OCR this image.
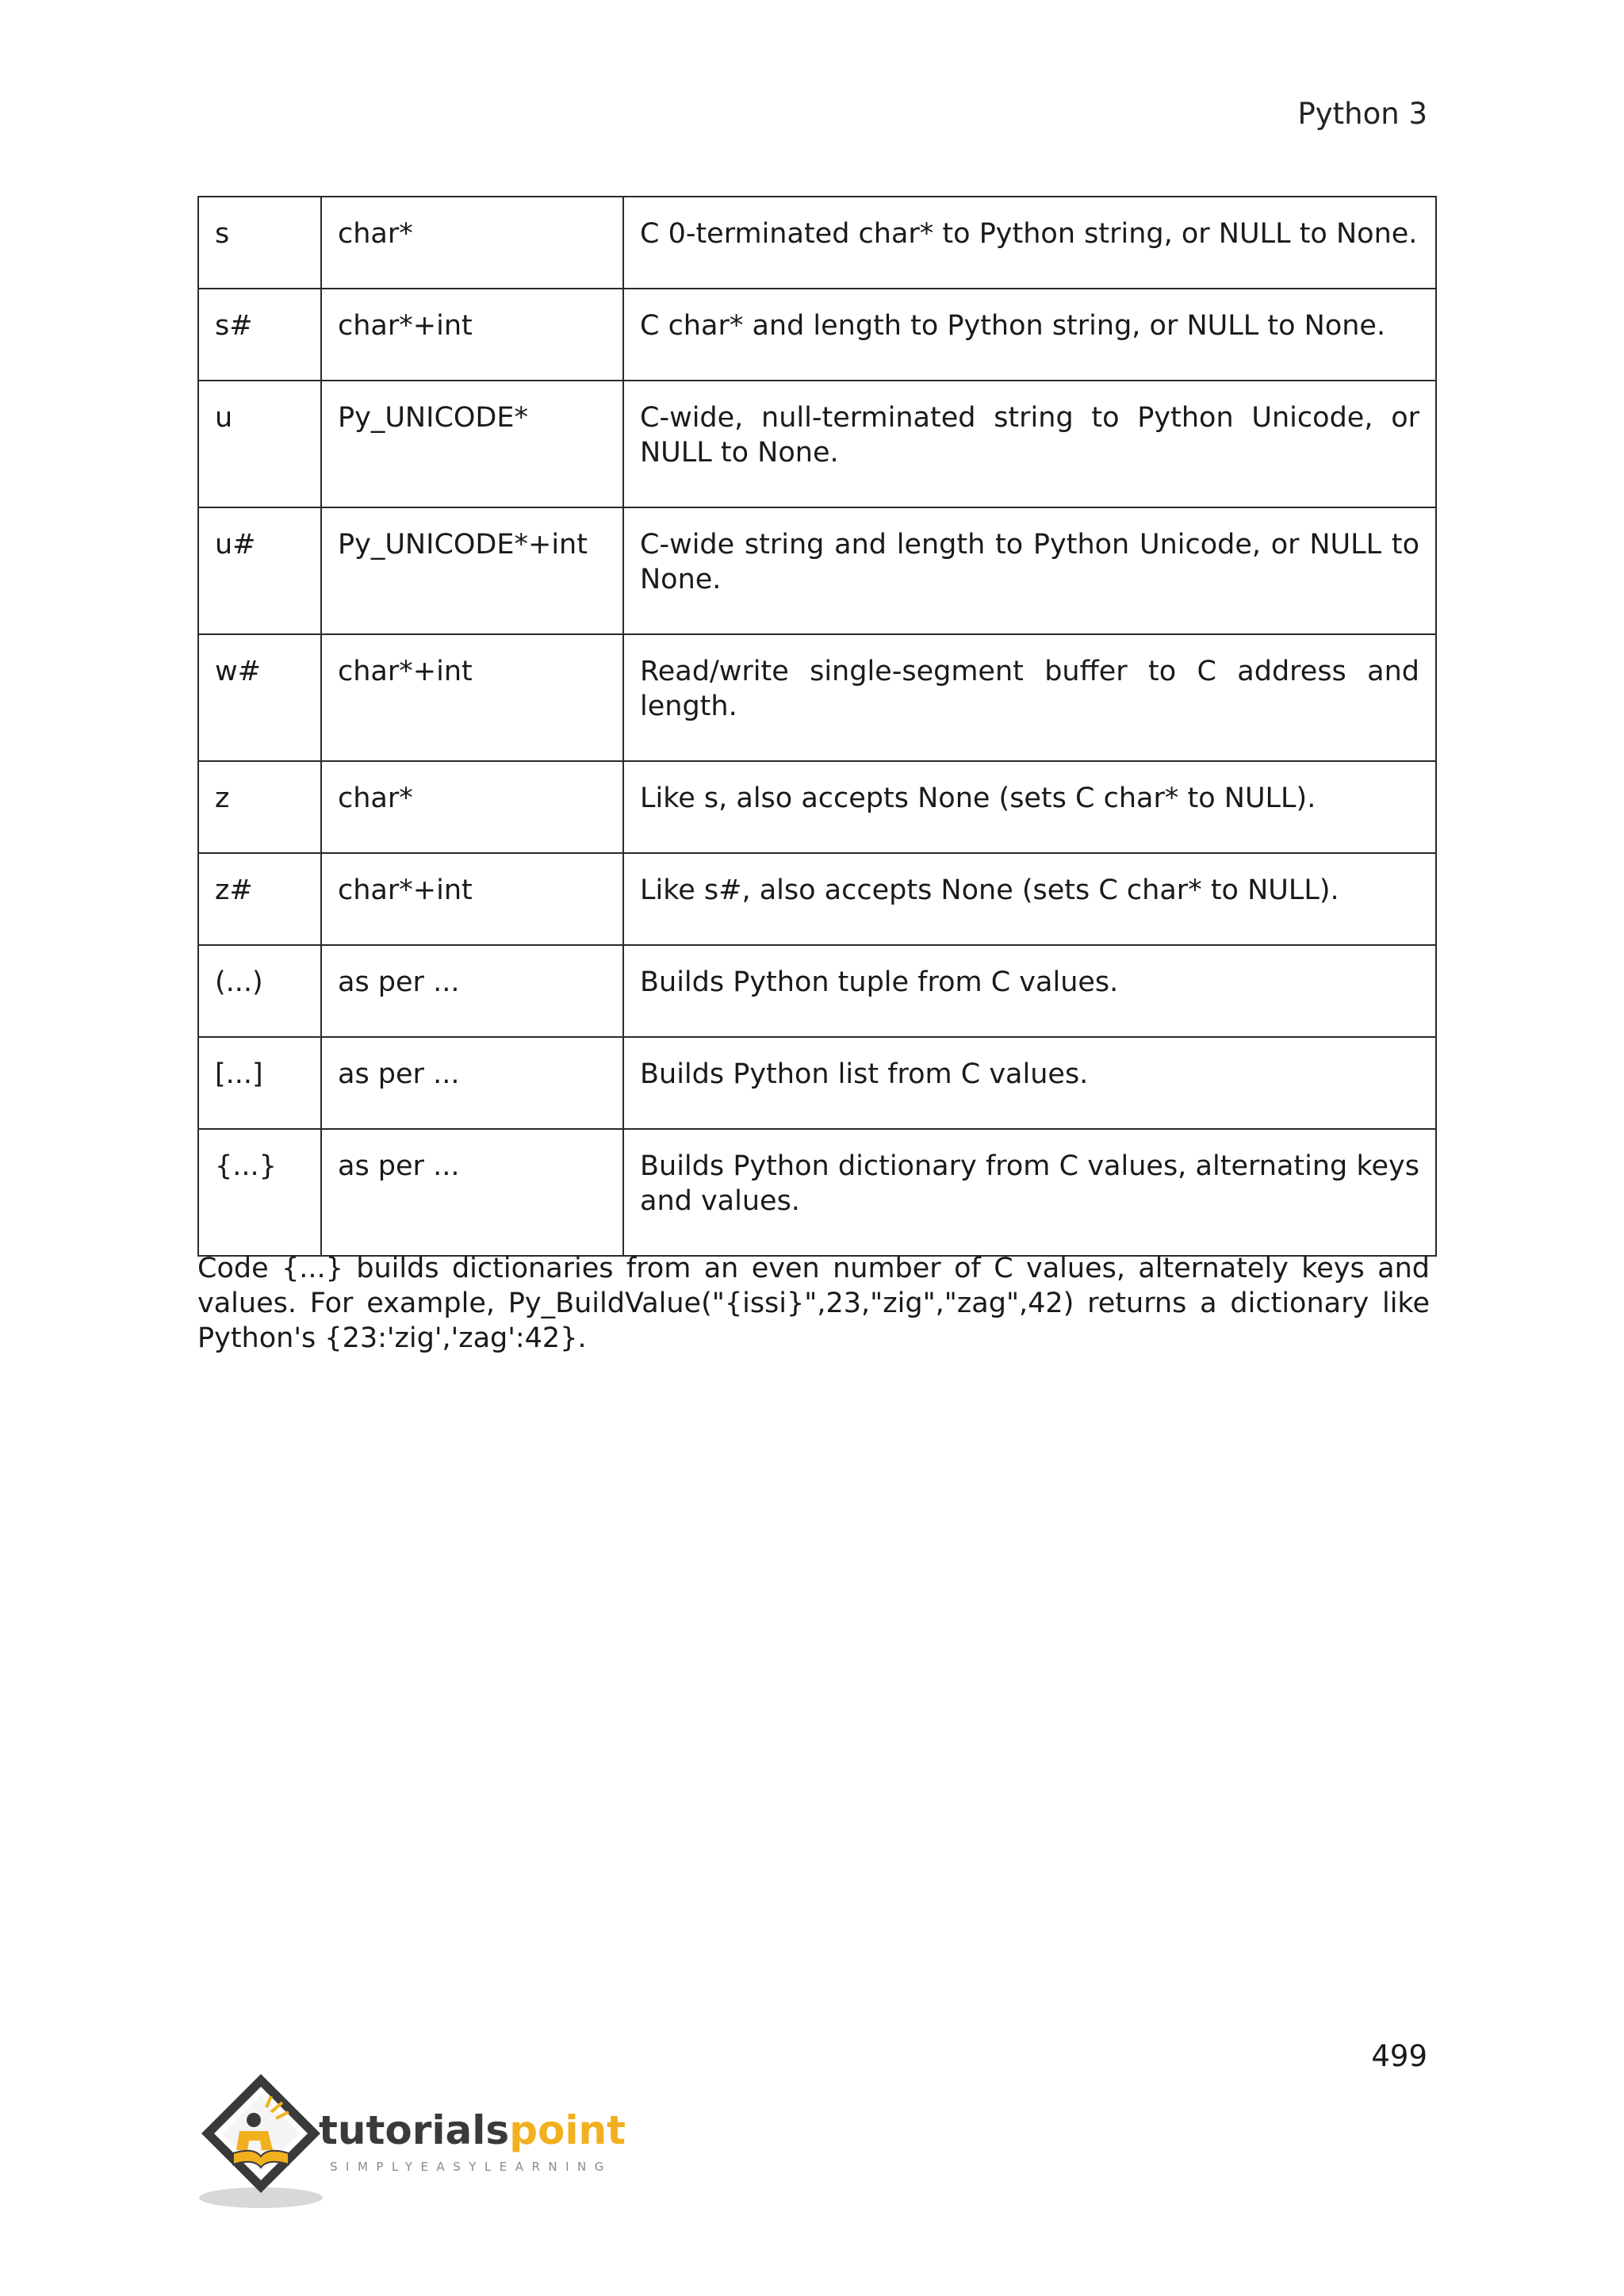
Python 3
s	char*	C 0-terminated char* to Python string, or NULL to None.
s#	char*+int	C char* and length to Python string, or NULL to None.
u	Py_UNICODE*	C-wide, null-terminated string to Python Unicode, or NULL to None.
u#	Py_UNICODE*+int	C-wide string and length to Python Unicode, or NULL to None.
w#	char*+int	Read/write single-segment buffer to C address and length.
z	char*	Like s, also accepts None (sets C char* to NULL).
z#	char*+int	Like s#, also accepts None (sets C char* to NULL).
(...)	as per ...	Builds Python tuple from C values.
[...]	as per ...	Builds Python list from C values.
{...}	as per ...	Builds Python dictionary from C values, alternating keys and values.

Code {...} builds dictionaries from an even number of C values, alternately keys and values. For example, Py_BuildValue("{issi}",23,"zig","zag",42) returns a dictionary like Python's {23:'zig','zag':42}.

499
tutorialspoint
SIMPLYEASYLEARNING
